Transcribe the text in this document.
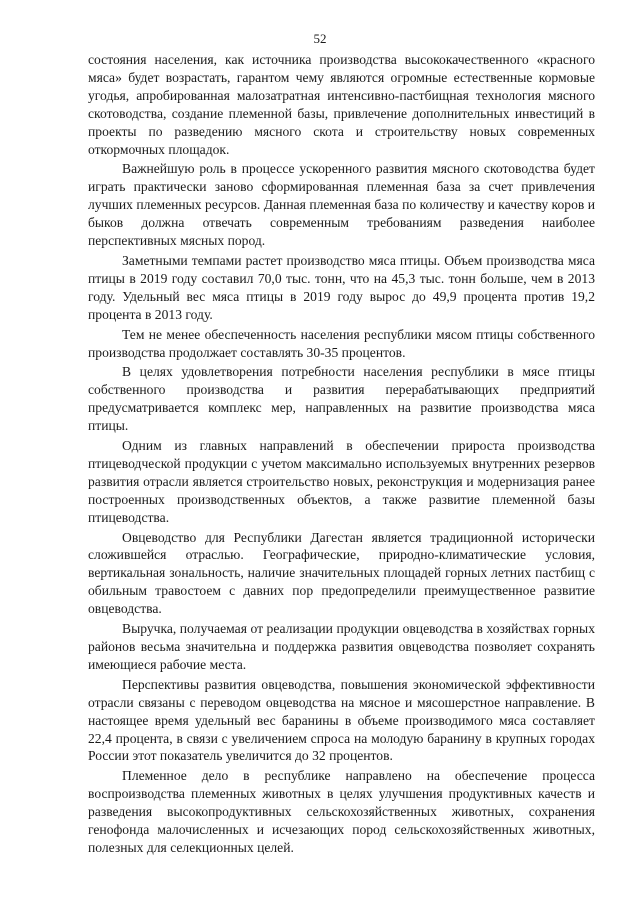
52

состояния населения, как источника производства высококачественного «красного мяса» будет возрастать, гарантом чему являются огромные естественные кормовые угодья, апробированная малозатратная интенсивно-пастбищная технология мясного скотоводства, создание племенной базы, привлечение дополнительных инвестиций в проекты по разведению мясного скота и строительству новых современных откормочных площадок.

Важнейшую роль в процессе ускоренного развития мясного скотоводства будет играть практически заново сформированная племенная база за счет привлечения лучших племенных ресурсов. Данная племенная база по количеству и качеству коров и быков должна отвечать современным требованиям разведения наиболее перспективных мясных пород.

Заметными темпами растет производство мяса птицы. Объем производства мяса птицы в 2019 году составил 70,0 тыс. тонн, что на 45,3 тыс. тонн больше, чем в 2013 году. Удельный вес мяса птицы в 2019 году вырос до 49,9 процента против 19,2 процента в 2013 году.

Тем не менее обеспеченность населения республики мясом птицы собственного производства продолжает составлять 30-35 процентов.

В целях удовлетворения потребности населения республики в мясе птицы собственного производства и развития перерабатывающих предприятий предусматривается комплекс мер, направленных на развитие производства мяса птицы.

Одним из главных направлений в обеспечении прироста производства птицеводческой продукции с учетом максимально используемых внутренних резервов развития отрасли является строительство новых, реконструкция и модернизация ранее построенных производственных объектов, а также развитие племенной базы птицеводства.

Овцеводство для Республики Дагестан является традиционной исторически сложившейся отраслью. Географические, природно-климатические условия, вертикальная зональность, наличие значительных площадей горных летних пастбищ с обильным травостоем с давних пор предопределили преимущественное развитие овцеводства.

Выручка, получаемая от реализации продукции овцеводства в хозяйствах горных районов весьма значительна и поддержка развития овцеводства позволяет сохранять имеющиеся рабочие места.

Перспективы развития овцеводства, повышения экономической эффективности отрасли связаны с переводом овцеводства на мясное и мясошерстное направление. В настоящее время удельный вес баранины в объеме производимого мяса составляет 22,4 процента, в связи с увеличением спроса на молодую баранину в крупных городах России этот показатель увеличится до 32 процентов.

Племенное дело в республике направлено на обеспечение процесса воспроизводства племенных животных в целях улучшения продуктивных качеств и разведения высокопродуктивных сельскохозяйственных животных, сохранения генофонда малочисленных и исчезающих пород сельскохозяйственных животных, полезных для селекционных целей.
